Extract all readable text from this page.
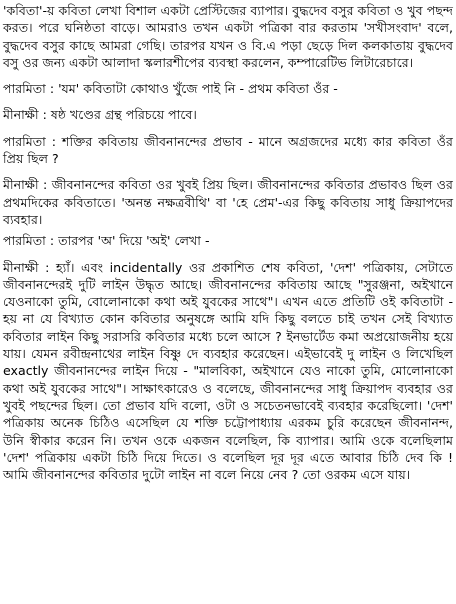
'কবিতা'-য় কবিতা লেখা বিশাল একটা প্রেস্টিজের ব্যাপার। বুদ্ধদেব বসুর কবিতা ও খুব পছন্দ করত। পরে ঘনিষ্ঠতা বাড়ে। আমরাও তখন একটা পত্রিকা বার করতাম 'সখীসংবাদ' বলে, বুদ্ধদেব বসুর কাছে আমরা গেছি। তারপর যখন ও বি.এ পড়া ছেড়ে দিল কলকাতায় বুদ্ধদেব বসু ওর জন্য একটা আলাদা স্কলারশীপের ব্যবস্থা করলেন, কম্পারেটিভ লিটারেচারে।

পারমিতা : 'যম' কবিতাটা কোথাও খুঁজে পাই নি - প্রথম কবিতা ওঁর -

মীনাক্ষী : ষষ্ঠ খণ্ডের গ্রন্থ পরিচয়ে পাবে।

পারমিতা : শক্তির কবিতায় জীবনানন্দের প্রভাব - মানে অগ্রজদের মধ্যে কার কবিতা ওঁর প্রিয় ছিল ?

মীনাক্ষী : জীবনানন্দের কবিতা ওর খুবই প্রিয় ছিল। জীবনানন্দের কবিতার প্রভাবও ছিল ওর প্রথমদিকের কবিতাতে। 'অনন্ত নক্ষত্রবীথি' বা 'হে প্রেম'-এর কিছু কবিতায় সাধু ক্রিয়াপদের ব্যবহার।

পারমিতা : তারপর 'অ' দিয়ে 'অই' লেখা -

মীনাক্ষী : হ্যাঁ। এবং incidentally ওর প্রকাশিত শেষ কবিতা, 'দেশ' পত্রিকায়, সেটাতে জীবনানন্দেরই দুটি লাইন উদ্ধৃত আছে। জীবনানন্দের কবিতায় আছে "সুরঞ্জনা, অইখানে যেওনাকো তুমি, বোলোনাকো কথা অই যুবকের সাথে"। এখন এতে প্রতিটি ওই কবিতাটা - হয় না যে বিখ্যাত কোন কবিতার অনুষঙ্গে আমি যদি কিছু বলতে চাই তখন সেই বিখ্যাত কবিতার লাইন কিছু সরাসরি কবিতার মধ্যে চলে আসে ? ইনভার্টেড কমা অপ্রয়োজনীয় হয়ে যায়। যেমন রবীন্দ্রনাথের লাইন বিষ্ণু দে ব্যবহার করেছেন। এইভাবেই দু লাইন ও লিখেছিল exactly জীবনানন্দের লাইন দিয়ে - "মালবিকা, অইখানে যেও নাকো তুমি, মোলোনাকো কথা অই যুবকের সাথে"। সাক্ষাৎকারেও ও বলেছে, জীবনানন্দের সাধু ক্রিয়াপদ ব্যবহার ওর খুবই পছন্দের ছিল। তো প্রভাব যদি বলো, ওটা ও সচেতনভাবেই ব্যবহার করেছিলো। 'দেশ' পত্রিকায় অনেক চিঠিও এসেছিল যে শক্তি চট্টোপাধ্যায় এরকম চুরি করেছেন জীবনানন্দ, উনি স্বীকার করেন নি। তখন ওকে একজন বলেছিল, কি ব্যাপার। আমি ওকে বলেছিলাম 'দেশ' পত্রিকায় একটা চিঠি দিয়ে দিতে। ও বলেছিল দূর দূর এতে আবার চিঠি দেব কি ! আমি জীবনানন্দের কবিতার দুটো লাইন না বলে নিয়ে নেব ? তো ওরকম এসে যায়।
